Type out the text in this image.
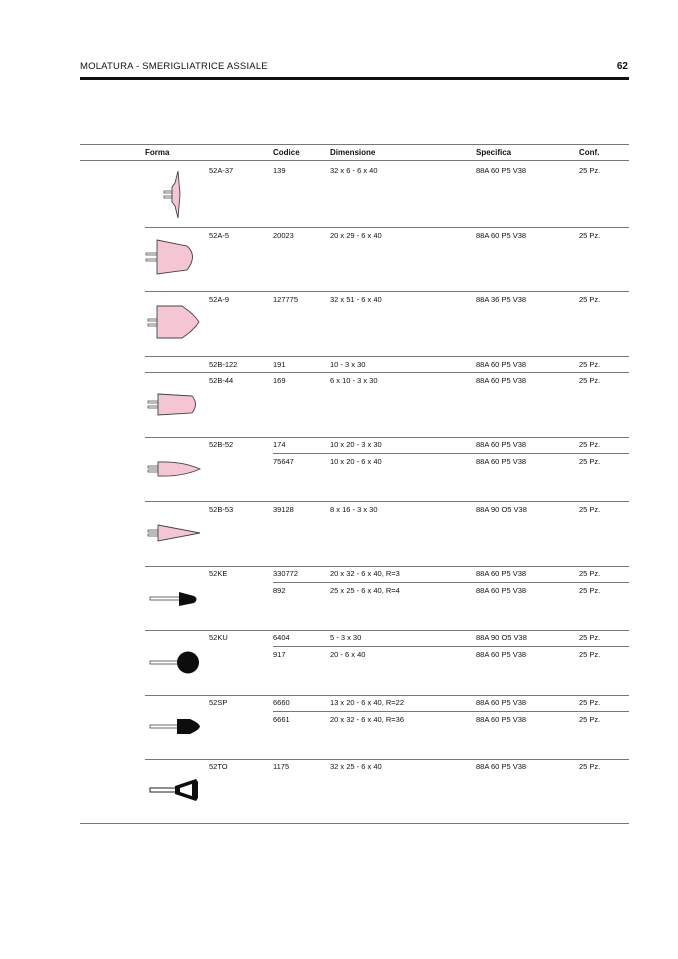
MOLATURA - SMERIGLIATRICE ASSIALE	62
Forma	Codice	Dimensione	Specifica	Conf.
52A-37	139	32 x 6 - 6 x 40	88A 60 P5 V38	25 Pz.
52A-5	20023	20 x 29 - 6 x 40	88A 60 P5 V38	25 Pz.
52A-9	127775	32 x 51 - 6 x 40	88A 36 P5 V38	25 Pz.
52B-122	191	10 - 3 x 30	88A 60 P5 V38	25 Pz.
52B-44	169	6 x 10 - 3 x 30	88A 60 P5 V38	25 Pz.
52B-52	174	10 x 20 - 3 x 30	88A 60 P5 V38	25 Pz.
75647	10 x 20 - 6 x 40	88A 60 P5 V38	25 Pz.
52B-53	39128	8 x 16 - 3 x 30	88A 90 O5 V38	25 Pz.
52KE	330772	20 x 32 - 6 x 40, R=3	88A 60 P5 V38	25 Pz.
892	25 x 25 - 6 x 40, R=4	88A 60 P5 V38	25 Pz.
52KU	6404	5 - 3 x 30	88A 90 O5 V38	25 Pz.
917	20 - 6 x 40	88A 60 P5 V38	25 Pz.
52SP	6660	13 x 20 - 6 x 40, R=22	88A 60 P5 V38	25 Pz.
6661	20 x 32 - 6 x 40, R=36	88A 60 P5 V38	25 Pz.
52TO	1175	32 x 25 - 6 x 40	88A 60 P5 V38	25 Pz.
